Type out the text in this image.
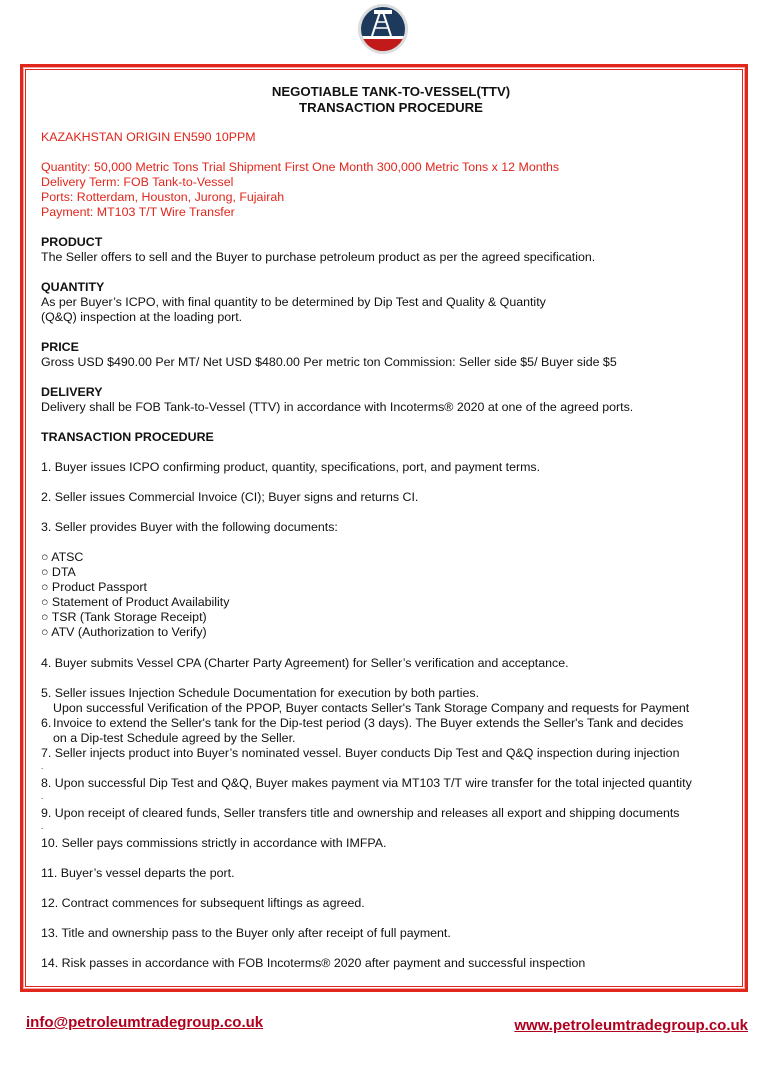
NEGOTIABLE TANK-TO-VESSEL(TTV)
TRANSACTION PROCEDURE

KAZAKHSTAN ORIGIN EN590 10PPM

Quantity: 50,000 Metric Tons Trial Shipment First One Month 300,000 Metric Tons x 12 Months

Delivery Term: FOB Tank-to-Vessel

Ports: Rotterdam, Houston, Jurong, Fujairah

Payment: MT103 T/T Wire Transfer

PRODUCT

The Seller offers to sell and the Buyer to purchase petroleum product as per the agreed specification.

QUANTITY

As per Buyer’s ICPO, with final quantity to be determined by Dip Test and Quality & Quantity

(Q&Q) inspection at the loading port.

PRICE

Gross USD $490.00 Per MT/ Net USD $480.00 Per metric ton Commission: Seller side $5/ Buyer side $5

DELIVERY

Delivery shall be FOB Tank-to-Vessel (TTV) in accordance with Incoterms® 2020 at one of the agreed ports.

TRANSACTION PROCEDURE

1. Buyer issues ICPO confirming product, quantity, specifications, port, and payment terms.

2. Seller issues Commercial Invoice (CI); Buyer signs and returns CI.

3. Seller provides Buyer with the following documents:

○ ATSC

○ DTA

○ Product Passport

○ Statement of Product Availability

○ TSR (Tank Storage Receipt)

○ ATV (Authorization to Verify)

4. Buyer submits Vessel CPA (Charter Party Agreement) for Seller’s verification and acceptance.

5. Seller issues Injection Schedule Documentation for execution by both parties.

Upon successful Verification of the PPOP, Buyer contacts Seller's Tank Storage Company and requests for Payment

6. Invoice to extend the Seller's tank for the Dip-test period (3 days). The Buyer extends the Seller's Tank and decides

on a Dip-test Schedule agreed by the Seller.

7. Seller injects product into Buyer’s nominated vessel. Buyer conducts Dip Test and Q&Q inspection during injection

.

8. Upon successful Dip Test and Q&Q, Buyer makes payment via MT103 T/T wire transfer for the total injected quantity

.

9. Upon receipt of cleared funds, Seller transfers title and ownership and releases all export and shipping documents

.

10. Seller pays commissions strictly in accordance with IMFPA.

11. Buyer’s vessel departs the port.

12. Contract commences for subsequent liftings as agreed.

13. Title and ownership pass to the Buyer only after receipt of full payment.

14. Risk passes in accordance with FOB Incoterms® 2020 after payment and successful inspection

info@petroleumtradegroup.co.uk	www.petroleumtradegroup.co.uk
